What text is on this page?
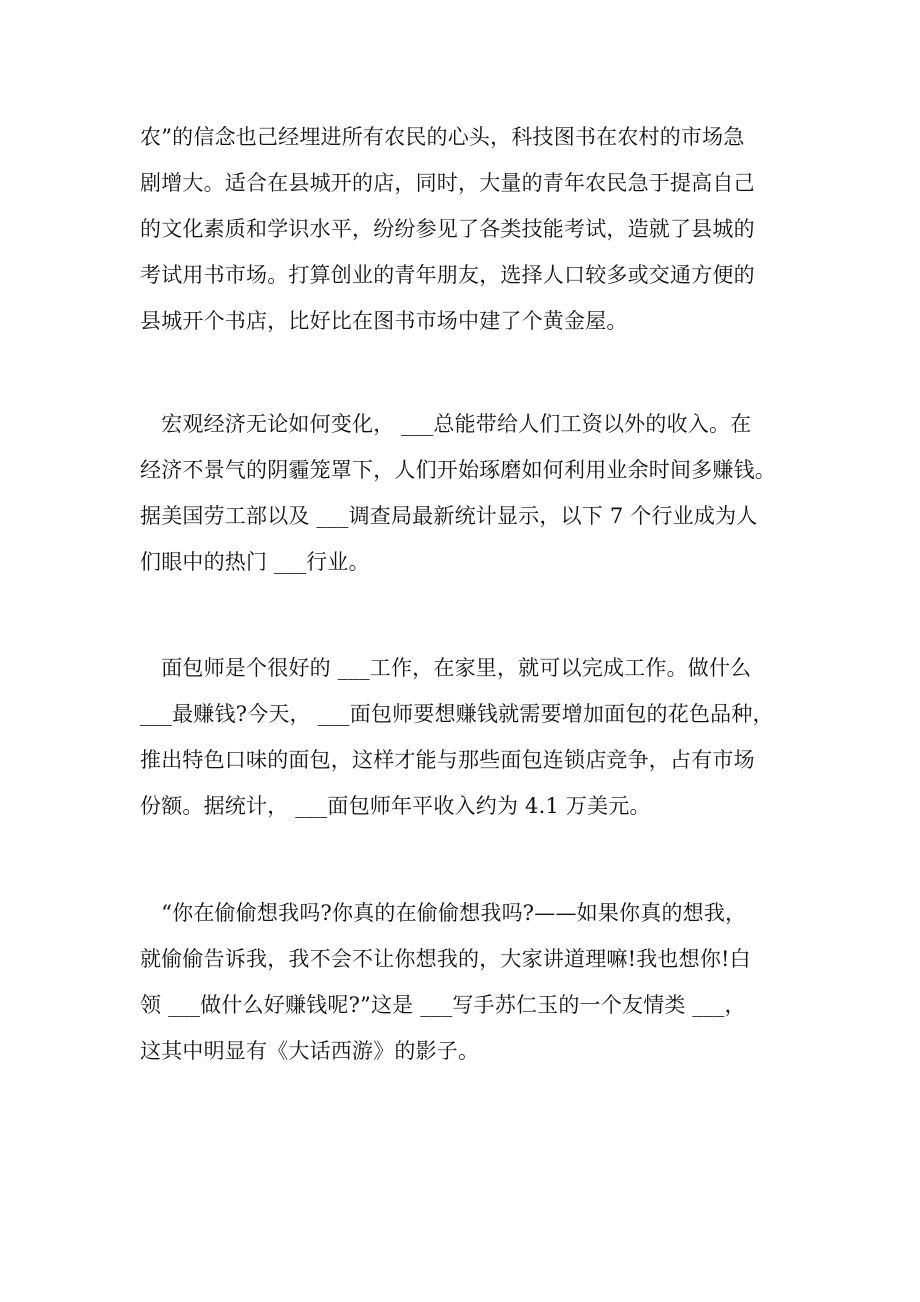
农”的信念也己经埋进所有农民的心头，科技图书在农村的市场急
剧增大。适合在县城开的店，同时，大量的青年农民急于提高自己
的文化素质和学识水平，纷纷参见了各类技能考试，造就了县城的
考试用书市场。打算创业的青年朋友，选择人口较多或交通方便的
县城开个书店，比好比在图书市场中建了个黄金屋。
　宏观经济无论如何变化， ___总能带给人们工资以外的收入。在
经济不景气的阴霾笼罩下，人们开始琢磨如何利用业余时间多赚钱。
据美国劳工部以及 ___调查局最新统计显示，以下 7 个行业成为人
们眼中的热门 ___行业。
　面包师是个很好的 ___工作，在家里，就可以完成工作。做什么
___最赚钱?今天， ___面包师要想赚钱就需要增加面包的花色品种，
推出特色口味的面包，这样才能与那些面包连锁店竞争，占有市场
份额。据统计， ___面包师年平收入约为 4.1 万美元。
　“你在偷偷想我吗?你真的在偷偷想我吗?——如果你真的想我，
就偷偷告诉我，我不会不让你想我的，大家讲道理嘛!我也想你!白
领 ___做什么好赚钱呢?”这是 ___写手苏仁玉的一个友情类 ___，
这其中明显有《大话西游》的影子。
